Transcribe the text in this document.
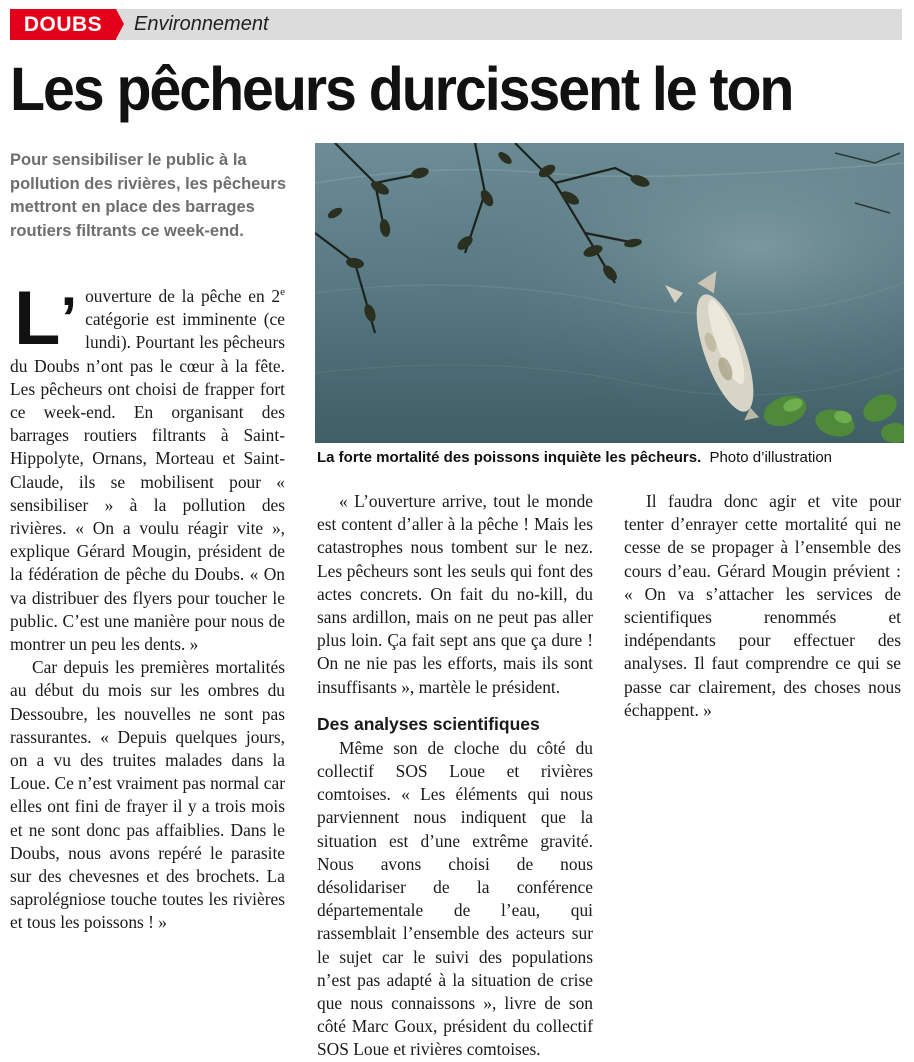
DOUBS	Environnement
Les pêcheurs durcissent le ton
Pour sensibiliser le public à la pollution des rivières, les pêcheurs mettront en place des barrages routiers filtrants ce week-end.
La forte mortalité des poissons inquiète les pêcheurs. Photo d’illustration

L’ ouverture de la pêche en 2e catégorie est imminente (ce lundi). Pourtant les pêcheurs du Doubs n’ont pas le cœur à la fête. Les pêcheurs ont choisi de frapper fort ce week-end. En organisant des barrages routiers filtrants à Saint-Hippolyte, Ornans, Morteau et Saint-Claude, ils se mobilisent pour « sensibiliser » à la pollution des rivières. « On a voulu réagir vite », explique Gérard Mougin, président de la fédération de pêche du Doubs. « On va distribuer des flyers pour toucher le public. C’est une manière pour nous de montrer un peu les dents. »

Car depuis les premières mortalités au début du mois sur les ombres du Dessoubre, les nouvelles ne sont pas rassurantes. « Depuis quelques jours, on a vu des truites malades dans la Loue. Ce n’est vraiment pas normal car elles ont fini de frayer il y a trois mois et ne sont donc pas affaiblies. Dans le Doubs, nous avons repéré le parasite sur des chevesnes et des brochets. La saprolégniose touche toutes les rivières et tous les poissons ! »

« L’ouverture arrive, tout le monde est content d’aller à la pêche ! Mais les catastrophes nous tombent sur le nez. Les pêcheurs sont les seuls qui font des actes concrets. On fait du no-kill, du sans ardillon, mais on ne peut pas aller plus loin. Ça fait sept ans que ça dure ! On ne nie pas les efforts, mais ils sont insuffisants », martèle le président.

Des analyses scientifiques

Même son de cloche du côté du collectif SOS Loue et rivières comtoises. « Les éléments qui nous parviennent nous indiquent que la situation est d’une extrême gravité. Nous avons choisi de nous désolidariser de la conférence départementale de l’eau, qui rassemblait l’ensemble des acteurs sur le sujet car le suivi des populations n’est pas adapté à la situation de crise que nous connaissons », livre de son côté Marc Goux, président du collectif SOS Loue et rivières comtoises.

Il faudra donc agir et vite pour tenter d’enrayer cette mortalité qui ne cesse de se propager à l’ensemble des cours d’eau. Gérard Mougin prévient : « On va s’attacher les services de scientifiques renommés et indépendants pour effectuer des analyses. Il faut comprendre ce qui se passe car clairement, des choses nous échappent. »
